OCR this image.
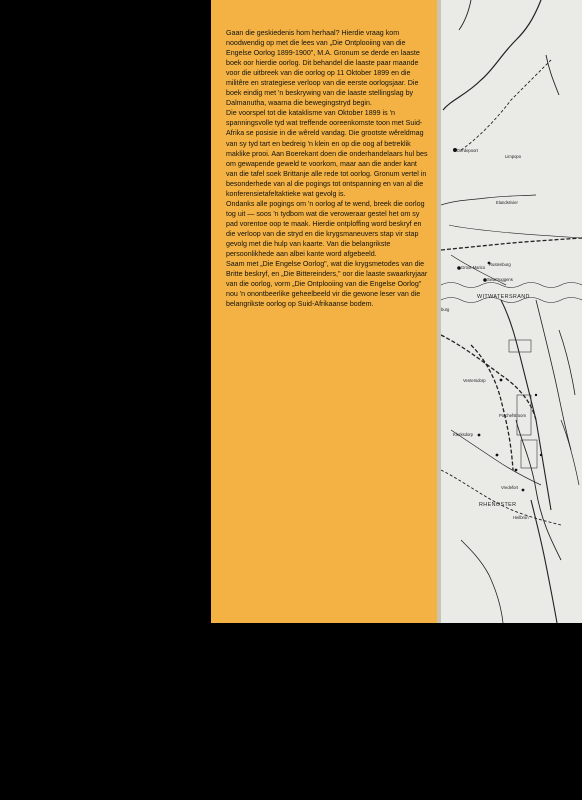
Gaan die geskiedenis hom herhaal? Hierdie vraag kom noodwendig op met die lees van „Die Ontplooiing van die Engelse Oorlog 1899-1900", M.A. Gronum se derde en laaste boek oor hierdie oorlog. Dit behandel die laaste paar maande voor die uitbreek van die oorlog op 11 Oktober 1899 en die militêre en strategiese verloop van die eerste oorlogsjaar. Die boek eindig met 'n beskrywing van die laaste stellingslag by Dalmanutha, waarna die bewegingstryd begin.

Die voorspel tot die kataklisme van Oktober 1899 is 'n spanningsvolle tyd wat treffende ooreenkomste toon met Suid-Afrika se posisie in die wêreld vandag. Die grootste wêreldmag van sy tyd tart en bedreig 'n klein en op die oog af betreklik maklike prooi. Aan Boerekant doen die onderhandelaars hul bes om gewapende geweld te voorkom, maar aan die ander kant van die tafel soek Brittanje alle rede tot oorlog. Gronum vertel in besonderhede van al die pogings tot ontspanning en van al die konferensietafeltaktieke wat gevolg is.

Ondanks alle pogings om 'n oorlog af te wend, breek die oorlog tog uit — soos 'n tydbom wat die veroweraar gestel het om sy pad vorentoe oop te maak. Hierdie ontploffing word beskryf en die verloop van die stryd en die krygsmaneuvers stap vir stap gevolg met die hulp van kaarte. Van die belangrikste persoonlikhede aan albei kante word afgebeeld.

Saam met „Die Engelse Oorlog", wat die krygsmetodes van die Britte beskryf, en „Die Bittereinders," oor die laaste swaarkryjaar van die oorlog, vorm „Die Ontplooiing van die Engelse Oorlog" nou 'n onontbeerlike geheelbeeld vir die gewone leser van die belangrikste oorlog op Suid-Afrikaanse bodem.

Limpopo
Derdepoort
Elandsrivier
Groot Marico
Rustenburg
Swartruggens
burg
WITWATERSRAND
Ventersdorp
Potchefstroom
Klerksdorp
Vredefort
RHENOSTER
Heilbron
